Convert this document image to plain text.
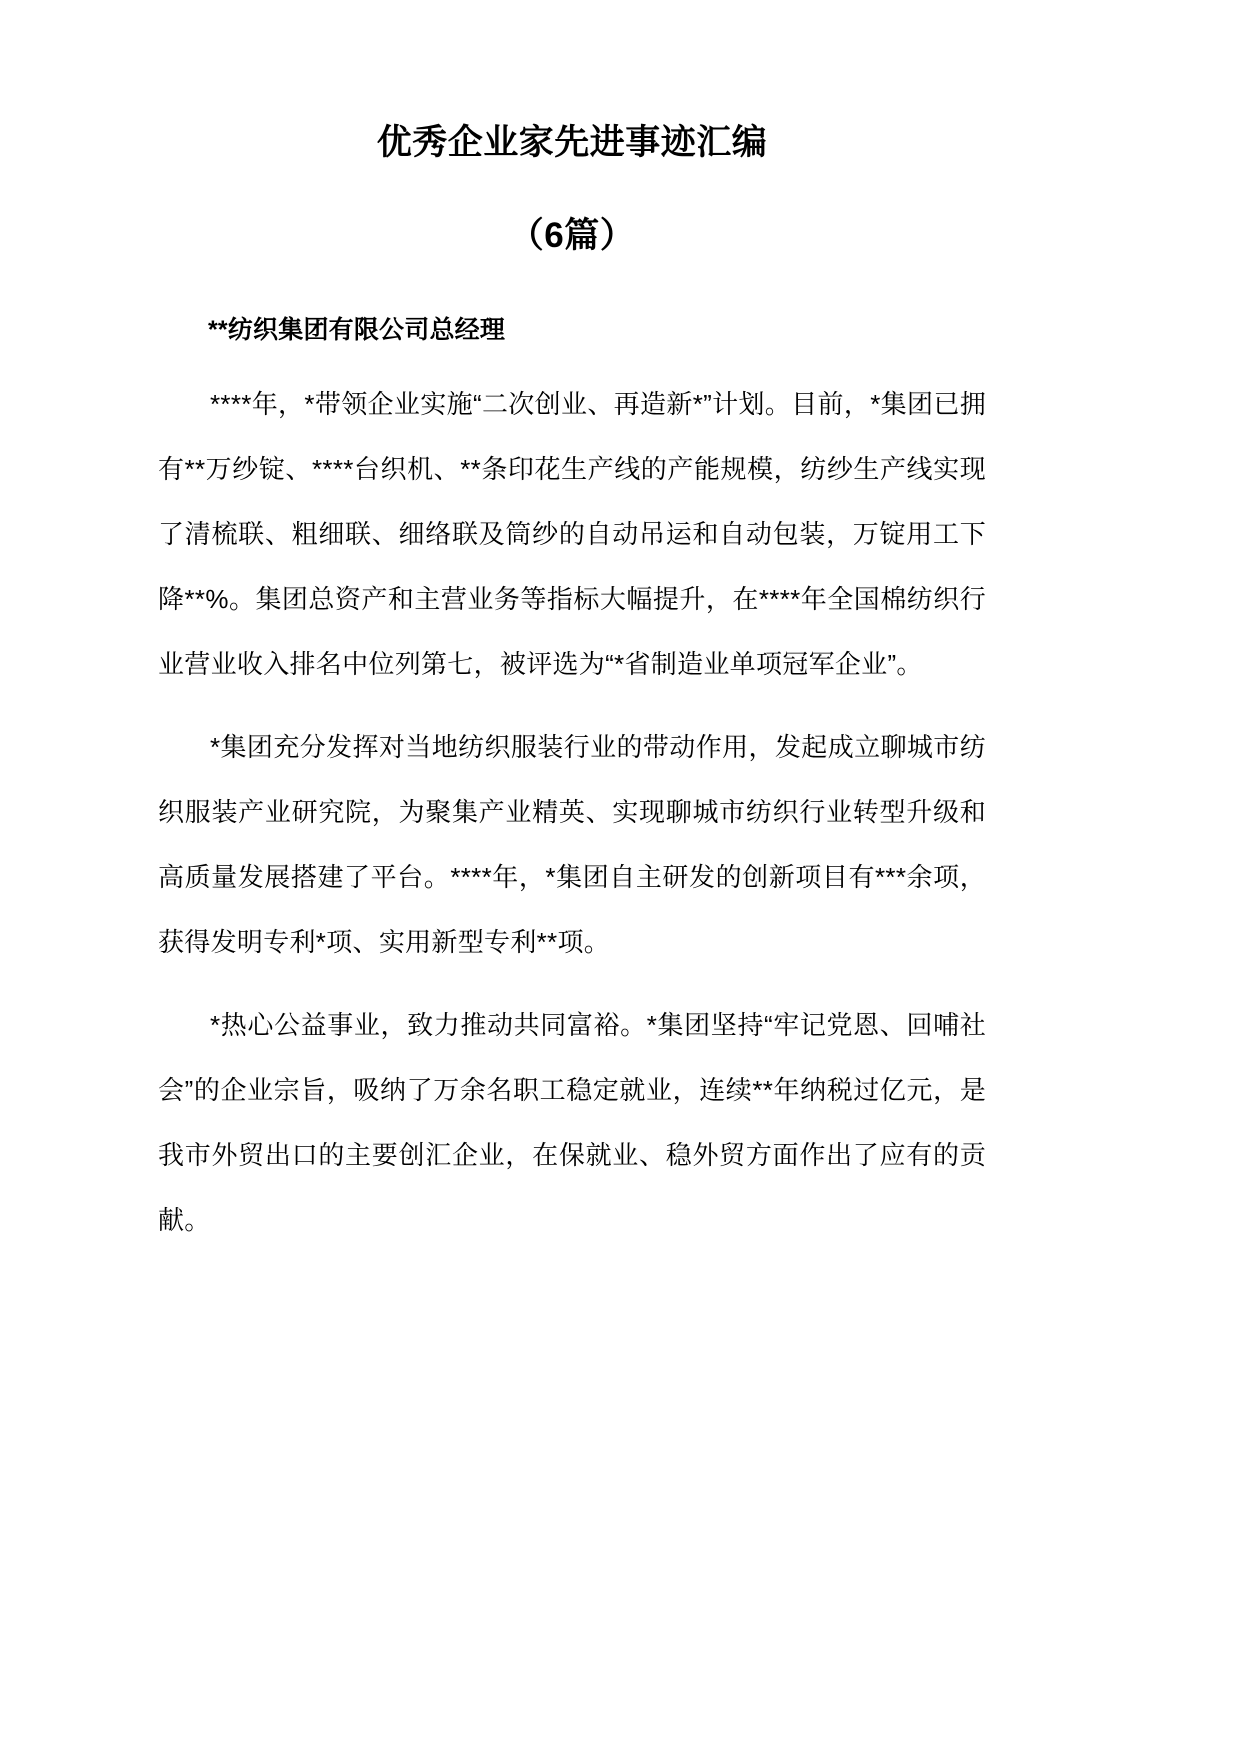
优秀企业家先进事迹汇编
（6篇）
**纺织集团有限公司总经理

****年，*带领企业实施“二次创业、再造新*”计划。目前，*集团已拥有**万纱锭、****台织机、**条印花生产线的产能规模，纺纱生产线实现了清梳联、粗细联、细络联及筒纱的自动吊运和自动包装，万锭用工下降**%。集团总资产和主营业务等指标大幅提升，在****年全国棉纺织行业营业收入排名中位列第七，被评选为“*省制造业单项冠军企业”。

*集团充分发挥对当地纺织服装行业的带动作用，发起成立聊城市纺织服装产业研究院，为聚集产业精英、实现聊城市纺织行业转型升级和高质量发展搭建了平台。****年，*集团自主研发的创新项目有***余项，获得发明专利*项、实用新型专利**项。

*热心公益事业，致力推动共同富裕。*集团坚持“牢记党恩、回哺社会”的企业宗旨，吸纳了万余名职工稳定就业，连续**年纳税过亿元，是我市外贸出口的主要创汇企业，在保就业、稳外贸方面作出了应有的贡献。
